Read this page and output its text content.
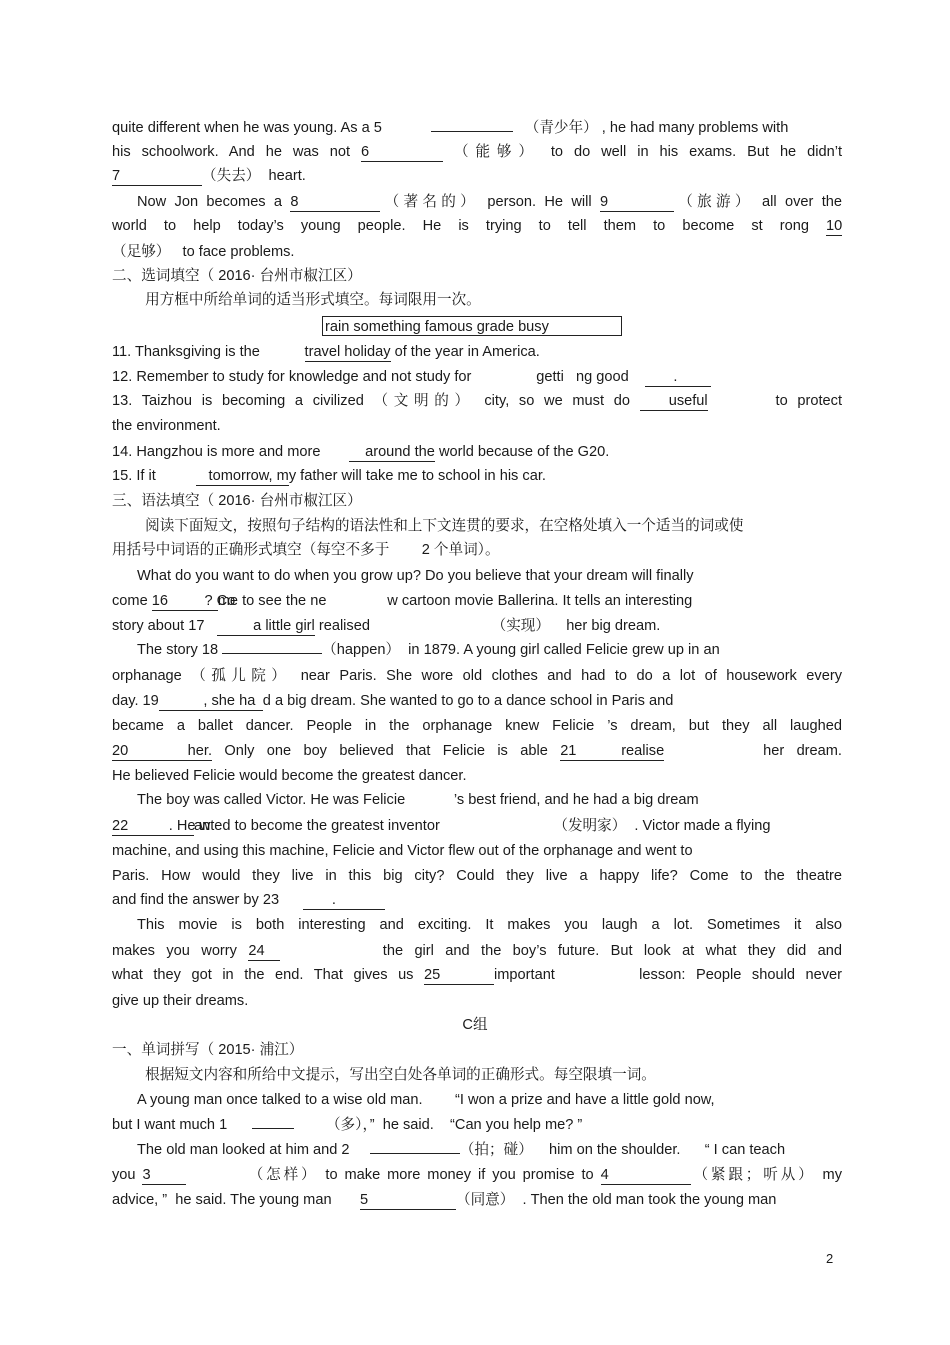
quite different when he was young. As a 5	（青少年） , he had many problems with
his schoolwork. And he was not 6	（能够） to do well in his exams. But he didn’t
7	（失去）  heart.
Now Jon becomes a 8	（著名的） person. He will 9	（旅游） all over the
world to help today’s young people. He is trying to tell them to become st rong 10
（足够）   to face problems.
二、选词填空（ 2016· 台州市椒江区）
用方框中所给单词的适当形式填空。每词限用一次。
rain something famous grade busy
11. Thanksgiving is the           travel holiday of the year in America.
12. Remember to study for knowledge and not study for                getti   ng good           .
13. Taizhou is becoming a civilized （文明的） city, so we must do  useful       to protect
the environment.
14. Hangzhou is more and more           around the world because of the G20.
15. If it             tomorrow, my father will take me to school in his car.
三、语法填空（ 2016· 台州市椒江区）
阅读下面短文，按照句子结构的语法性和上下文连贯的要求，在空格处填入一个适当的词或使
用括号中词语的正确形式填空（每空不多于        2 个单词）。
What do you want to do when you grow up? Do you believe that your dream will finally
come 16         ? Come to see the ne               w cartoon movie Ballerina. It tells an interesting
story about 17            a little girl realised                              （实现）    her big dream.
The story 18	（happen）  in 1879. A young girl called Felicie grew up in an
orphanage （孤儿院） near Paris. She wore old clothes and had to do a lot of housework every
day. 19           , she ha d a big dream. She wanted to go to a dance school in Paris and
became a ballet dancer. People in the orphanage knew Felicie ’s dream, but they all laughed
20          her. Only one boy believed that Felicie is able 21           realise        her dream.
He believed Felicie would become the greatest dancer.
The boy was called Victor. He was Felicie            ’s best friend, and he had a big dream
22          . He wanted to become the greatest inventor                            （发明家）  . Victor made a flying
machine, and using this machine, Felicie and Victor flew out of the orphanage and went to
Paris. How would they live in this big city? Could they live a happy life? Come to the theatre
and find the answer by 23             .
This movie is both interesting and exciting. It makes you laugh a lot. Sometimes it also
makes you worry 24         the girl and the boy’s future. But look at what they did and
what they got in the end. That gives us 25	important        lesson: People should never
give up their dreams.
C组
一、单词拼写（ 2015· 浦江）
根据短文内容和所给中文提示，写出空白处各单词的正确形式。每空限填一词。
A young man once talked to a wise old man.        “I won a prize and have a little gold now,
but I want much 1	（多），”  he said.    “Can you help me? ”
The old man looked at him and 2	（拍；碰）    him on the shoulder.      “ I can teach
you 3         （怎样） to make more money if you promise to 4	（紧跟；听从） my
advice, ”  he said. The young man       5	（同意）  . Then the old man took the young man
2
